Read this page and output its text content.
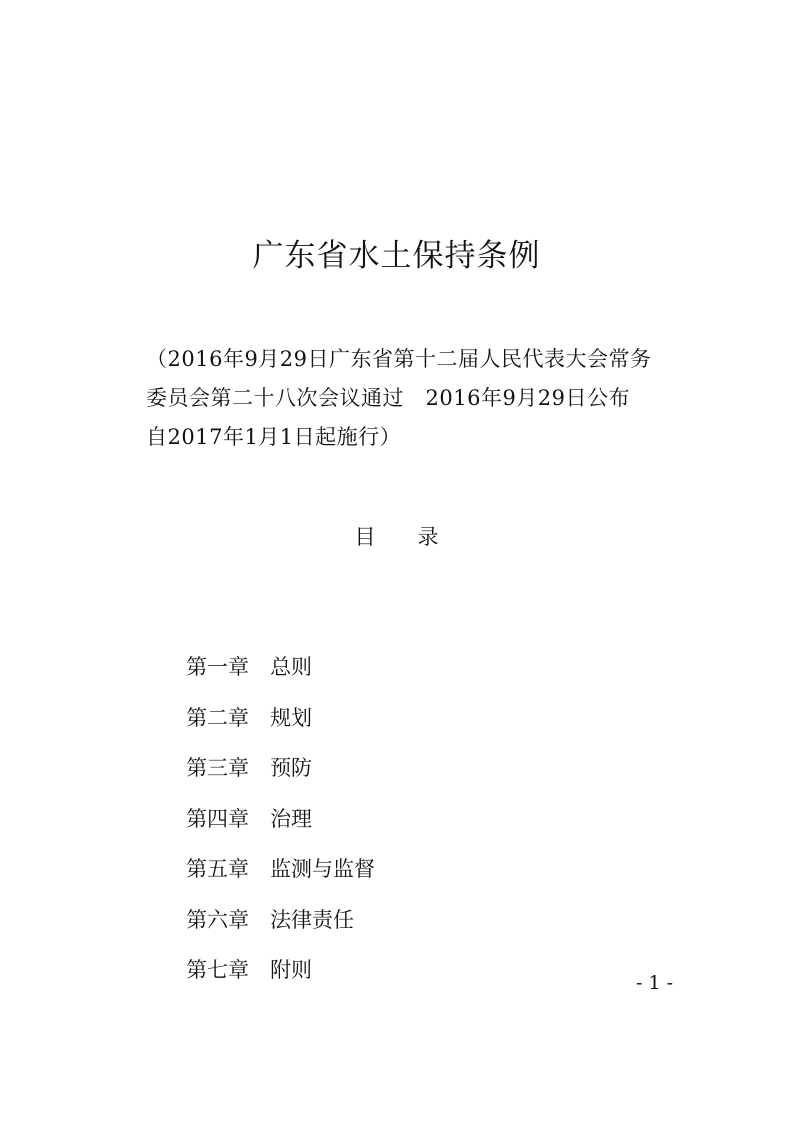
广东省水土保持条例
（2016年9月29日广东省第十二届人民代表大会常务
委员会第二十八次会议通过　2016年9月29日公布
自2017年1月1日起施行）
目　　录

第一章 总则

第二章 规划

第三章 预防

第四章 治理

第五章 监测与监督

第六章 法律责任

第七章 附则

- 1 -
